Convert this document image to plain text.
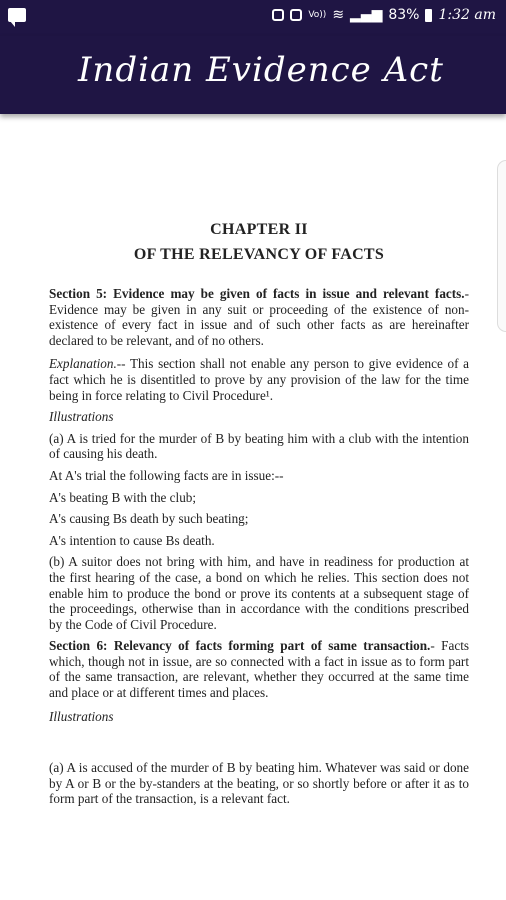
Vo)) ≋ ▂▄▆ 83% 1:32 am
Indian Evidence Act
CHAPTER II
OF THE RELEVANCY OF FACTS

Section 5: Evidence may be given of facts in issue and relevant facts.-Evidence may be given in any suit or proceeding of the existence of non-existence of every fact in issue and of such other facts as are hereinafter declared to be relevant, and of no others.

Explanation.-- This section shall not enable any person to give evidence of a fact which he is disentitled to prove by any provision of the law for the time being in force relating to Civil Procedure¹.

Illustrations

(a) A is tried for the murder of B by beating him with a club with the intention of causing his death.

At A's trial the following facts are in issue:--

A's beating B with the club;

A's causing Bs death by such beating;

A's intention to cause Bs death.

(b) A suitor does not bring with him, and have in readiness for production at the first hearing of the case, a bond on which he relies. This section does not enable him to produce the bond or prove its contents at a subsequent stage of the proceedings, otherwise than in accordance with the conditions prescribed by the Code of Civil Procedure.

Section 6: Relevancy of facts forming part of same transaction.- Facts which, though not in issue, are so connected with a fact in issue as to form part of the same transaction, are relevant, whether they occurred at the same time and place or at different times and places.

Illustrations

(a) A is accused of the murder of B by beating him. Whatever was said or done by A or B or the by-standers at the beating, or so shortly before or after it as to form part of the transaction, is a relevant fact.
